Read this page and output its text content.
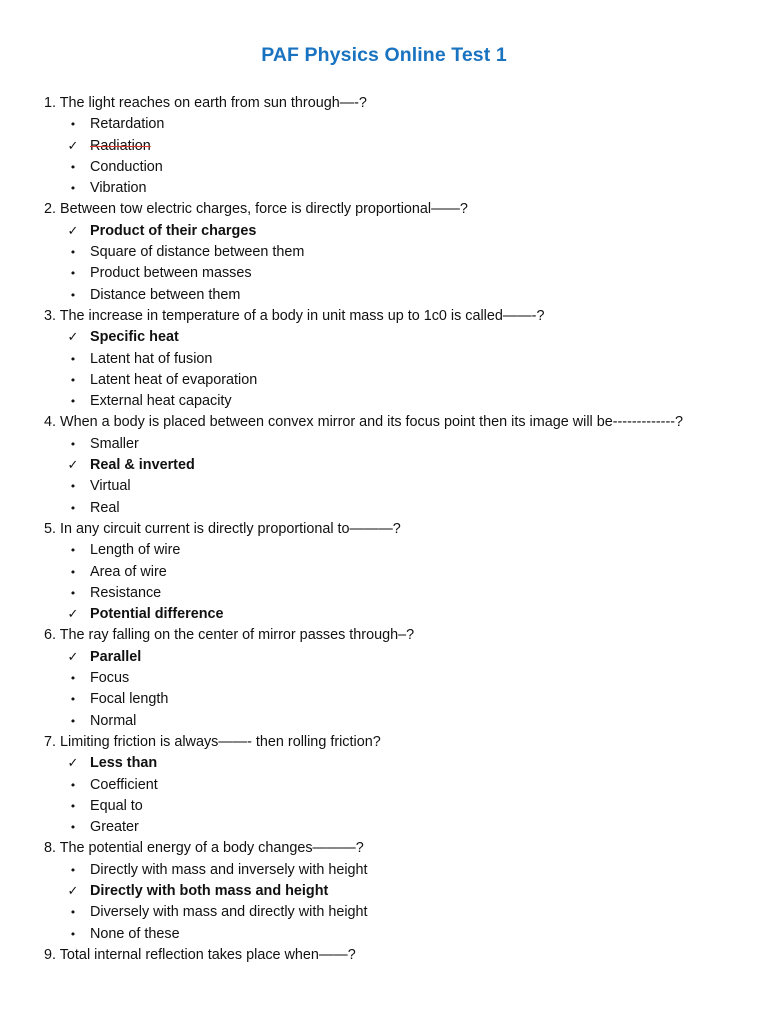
PAF Physics Online Test 1
1. The light reaches on earth from sun through—-?
• Retardation
✓ Radiation
• Conduction
• Vibration
2. Between tow electric charges, force is directly proportional——?
✓ Product of their charges
• Square of distance between them
• Product between masses
• Distance between them
3. The increase in temperature of a body in unit mass up to 1c0 is called——-?
✓ Specific heat
• Latent hat of fusion
• Latent heat of evaporation
• External heat capacity
4. When a body is placed between convex mirror and its focus point then its image will be-------------?
• Smaller
✓ Real & inverted
• Virtual
• Real
5. In any circuit current is directly proportional to———?
• Length of wire
• Area of wire
• Resistance
✓ Potential difference
6. The ray falling on the center of mirror passes through–?
✓ Parallel
• Focus
• Focal length
• Normal
7. Limiting friction is always——- then rolling friction?
✓ Less than
• Coefficient
• Equal to
• Greater
8. The potential energy of a body changes———?
• Directly with mass and inversely with height
✓ Directly with both mass and height
• Diversely with mass and directly with height
• None of these
9. Total internal reflection takes place when——?
